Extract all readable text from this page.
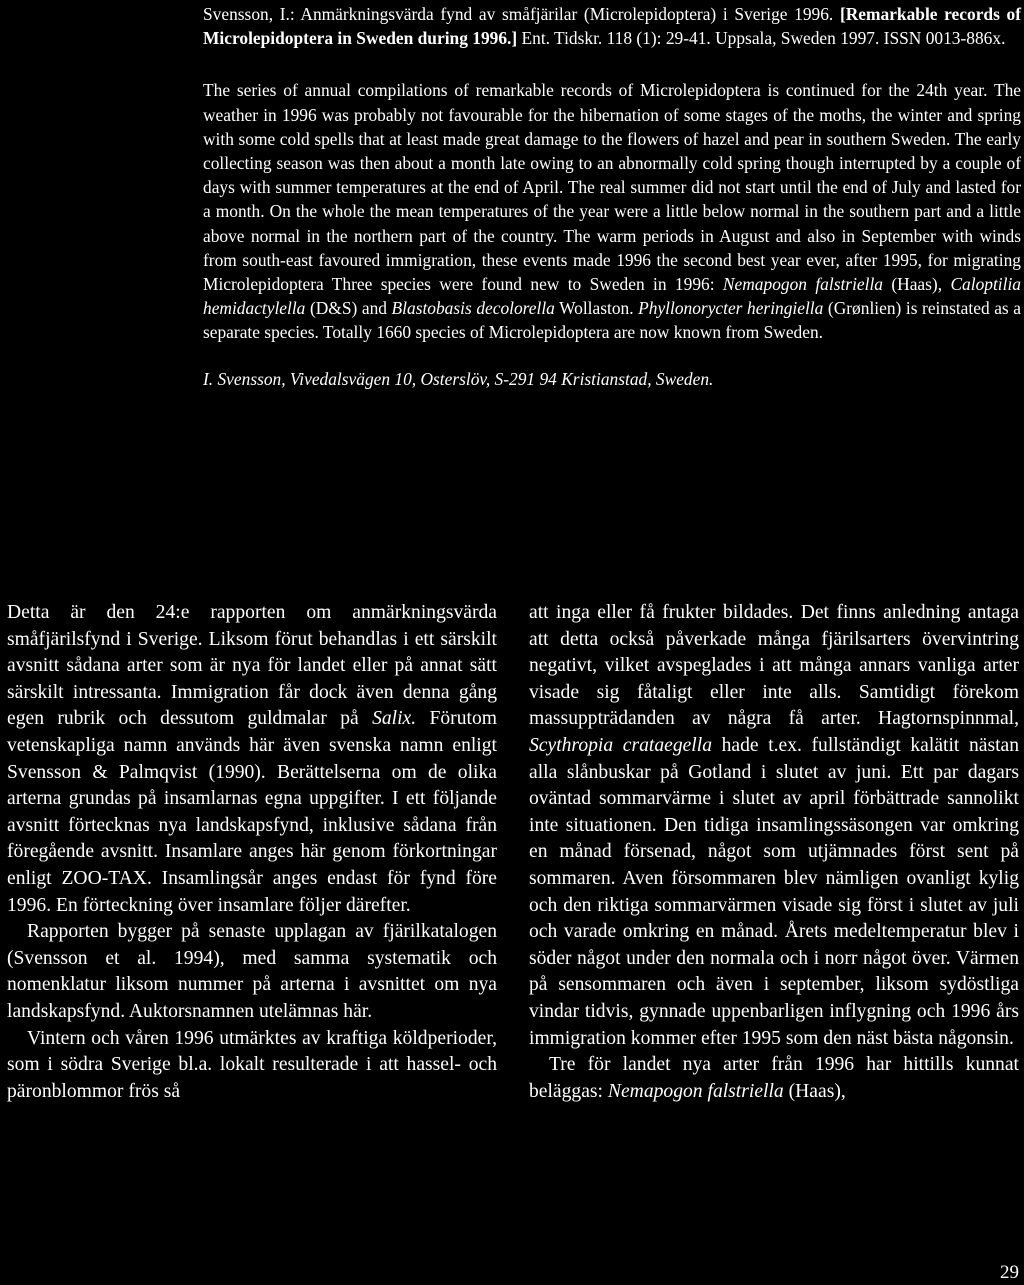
Svensson, I.: Anmärkningsvärda fynd av småfjärilar (Microlepidoptera) i Sverige 1996. [Remarkable records of Microlepidoptera in Sweden during 1996.] Ent. Tidskr. 118 (1): 29-41. Uppsala, Sweden 1997. ISSN 0013-886x.

The series of annual compilations of remarkable records of Microlepidoptera is continued for the 24th year. The weather in 1996 was probably not favourable for the hibernation of some stages of the moths, the winter and spring with some cold spells that at least made great damage to the flowers of hazel and pear in southern Sweden. The early collecting season was then about a month late owing to an abnormally cold spring though interrupted by a couple of days with summer temperatures at the end of April. The real summer did not start until the end of July and lasted for a month. On the whole the mean temperatures of the year were a little below normal in the southern part and a little above normal in the northern part of the country. The warm periods in August and also in September with winds from south-east favoured immigration, these events made 1996 the second best year ever, after 1995, for migrating Microlepidoptera Three species were found new to Sweden in 1996: Nemapogon falstriella (Haas), Caloptilia hemidactylella (D&S) and Blastobasis decolorella Wollaston. Phyllonorycter heringiella (Grønlien) is reinstated as a separate species. Totally 1660 species of Microlepidoptera are now known from Sweden.

I. Svensson, Vivedalsvägen 10, Osterslöv, S-291 94 Kristianstad, Sweden.

Detta är den 24:e rapporten om anmärkningsvärda småfjärilsfynd i Sverige. Liksom förut behandlas i ett särskilt avsnitt sådana arter som är nya för landet eller på annat sätt särskilt intressanta. Immigration får dock även denna gång egen rubrik och dessutom guldmalar på Salix. Förutom vetenskapliga namn används här även svenska namn enligt Svensson & Palmqvist (1990). Berättelserna om de olika arterna grundas på insamlarnas egna uppgifter. I ett följande avsnitt förtecknas nya landskapsfynd, inklusive sådana från föregående avsnitt. Insamlare anges här genom förkortningar enligt ZOO-TAX. Insamlingsår anges endast för fynd före 1996. En förteckning över insamlare följer därefter.

Rapporten bygger på senaste upplagan av fjärilkatalogen (Svensson et al. 1994), med samma systematik och nomenklatur liksom nummer på arterna i avsnittet om nya landskapsfynd. Auktorsnamnen utelämnas här.

Vintern och våren 1996 utmärktes av kraftiga köldperioder, som i södra Sverige bl.a. lokalt resulterade i att hassel- och päronblommor frös så

att inga eller få frukter bildades. Det finns anledning antaga att detta också påverkade många fjärilsarters övervintring negativt, vilket avspeglades i att många annars vanliga arter visade sig fåtaligt eller inte alls. Samtidigt förekom massuppträdanden av några få arter. Hagtornspinnmal, Scythropia crataegella hade t.ex. fullständigt kalätit nästan alla slånbuskar på Gotland i slutet av juni. Ett par dagars oväntad sommarvärme i slutet av april förbättrade sannolikt inte situationen. Den tidiga insamlingssäsongen var omkring en månad försenad, något som utjämnades först sent på sommaren. Aven försommaren blev nämligen ovanligt kylig och den riktiga sommarvärmen visade sig först i slutet av juli och varade omkring en månad. Årets medeltemperatur blev i söder något under den normala och i norr något över. Värmen på sensommaren och även i september, liksom sydöstliga vindar tidvis, gynnade uppenbarligen inflygning och 1996 års immigration kommer efter 1995 som den näst bästa någonsin.

Tre för landet nya arter från 1996 har hittills kunnat beläggas: Nemapogon falstriella (Haas),

29
